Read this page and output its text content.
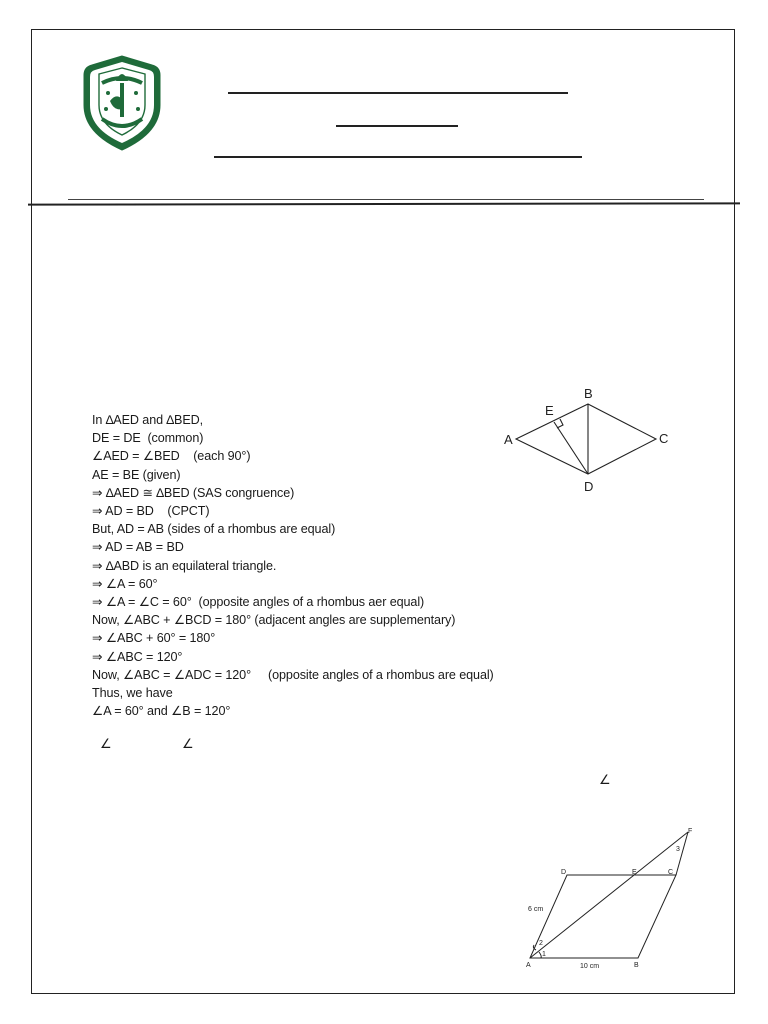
In ∆AED and ∆BED,
DE = DE  (common)
∠AED = ∠BED    (each 90°)
AE = BE (given)
⇒ ∆AED ≅ ∆BED (SAS congruence)
⇒ AD = BD    (CPCT)
But, AD = AB (sides of a rhombus are equal)
⇒ AD = AB = BD
⇒ ∆ABD is an equilateral triangle.
⇒ ∠A = 60°
⇒ ∠A = ∠C = 60°  (opposite angles of a rhombus aer equal)
Now, ∠ABC + ∠BCD = 180° (adjacent angles are supplementary)
⇒ ∠ABC + 60° = 180°
⇒ ∠ABC = 120°
Now, ∠ABC = ∠ADC = 120°     (opposite angles of a rhombus are equal)
Thus, we have
∠A = 60° and ∠B = 120°
∠	∠
∠
A
B
C
D
E
A	B
C
D	E
F
6 cm
10 cm
1
2
3
